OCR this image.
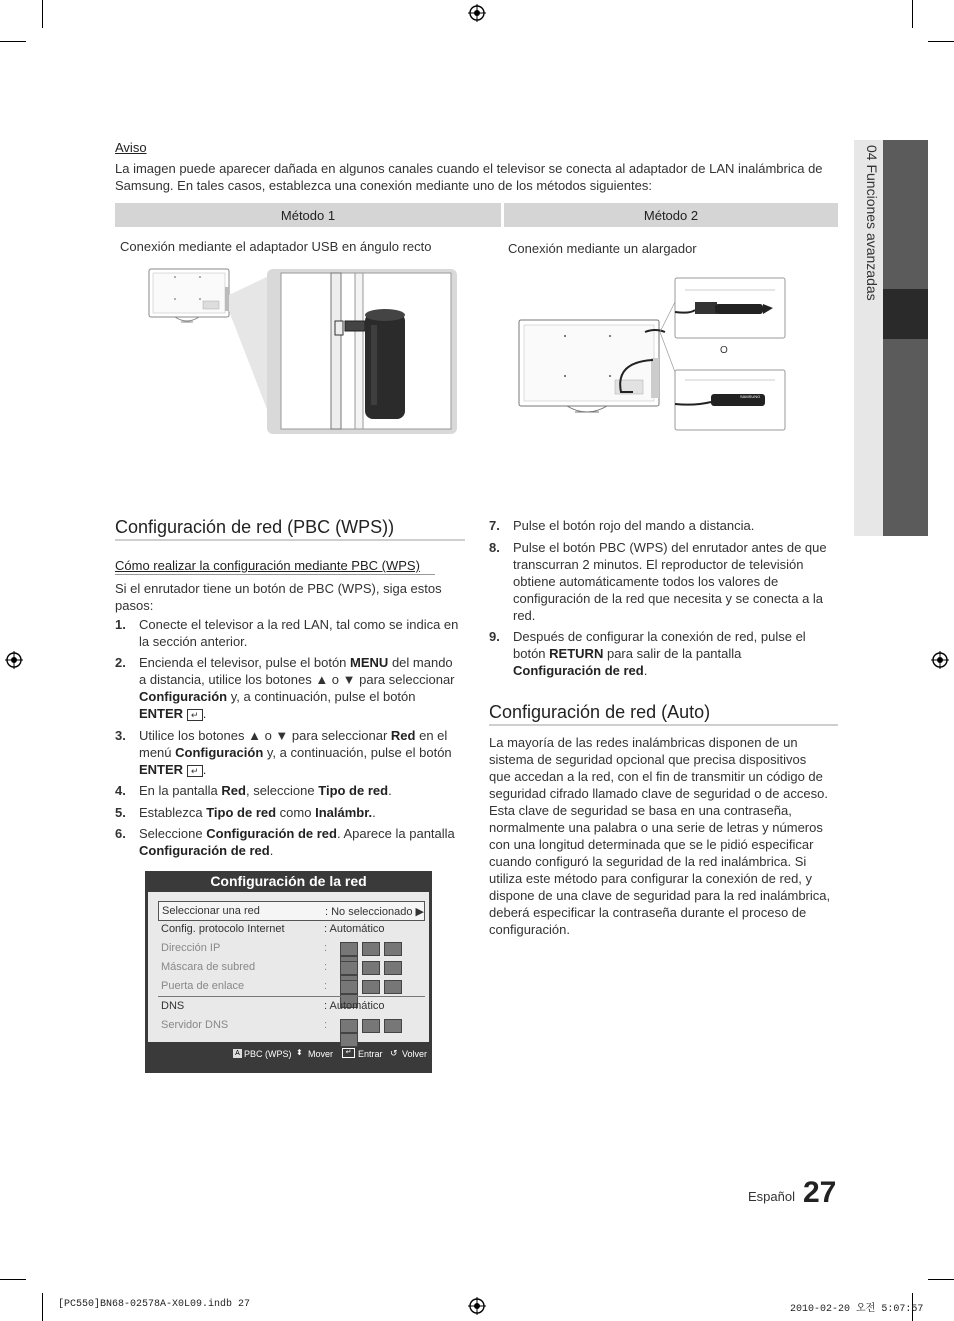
Aviso
La imagen puede aparecer dañada en algunos canales cuando el televisor se conecta al adaptador de LAN inalámbrica de Samsung. En tales casos, establezca una conexión mediante uno de los métodos siguientes:
Método 1	Método 2
Conexión mediante el adaptador USB en ángulo recto	Conexión mediante un alargador
O
SAMSUNG
Configuración de red (PBC (WPS))
Cómo realizar la configuración mediante PBC (WPS)
Si el enrutador tiene un botón de PBC (WPS), siga estos pasos:
1. Conecte el televisor a la red LAN, tal como se indica en
la sección anterior.
2. Encienda el televisor, pulse el botón MENU del mando
a distancia, utilice los botones ▲ o ▼ para seleccionar
Configuración y, a continuación, pulse el botón
ENTER ↵ .
3. Utilice los botones ▲ o ▼ para seleccionar Red en el
menú Configuración y, a continuación, pulse el botón
ENTER ↵ .
4. En la pantalla Red, seleccione Tipo de red.
5. Establezca Tipo de red como Inalámbr..
6. Seleccione Configuración de red. Aparece la pantalla
Configuración de red.
Configuración de la red
Seleccionar una red	: No seleccionado ▶
Config. protocolo Internet	: Automático
Dirección IP	:
Máscara de subred	:
Puerta de enlace	:
DNS	: Automático
Servidor DNS	:
A PBC (WPS) ⬍ Mover	↵ Entrar ↺ Volver
7. Pulse el botón rojo del mando a distancia.
8. Pulse el botón PBC (WPS) del enrutador antes de que
transcurran 2 minutos. El reproductor de televisión
obtiene automáticamente todos los valores de
configuración de la red que necesita y se conecta a la
red.
9. Después de configurar la conexión de red, pulse el
botón RETURN para salir de la pantalla
Configuración de red.
Configuración de red (Auto)
La mayoría de las redes inalámbricas disponen de un
sistema de seguridad opcional que precisa dispositivos
que accedan a la red, con el fin de transmitir un código de
seguridad cifrado llamado clave de seguridad o de acceso.
Esta clave de seguridad se basa en una contraseña,
normalmente una palabra o una serie de letras y números
con una longitud determinada que se le pidió especificar
cuando configuró la seguridad de la red inalámbrica. Si
utiliza este método para configurar la conexión de red, y
dispone de una clave de seguridad para la red inalámbrica,
deberá especificar la contraseña durante el proceso de
configuración.
04 Funciones avanzadas
Español 27
[PC550]BN68-02578A-X0L09.indb 27	2010-02-20 오전 5:07:57
